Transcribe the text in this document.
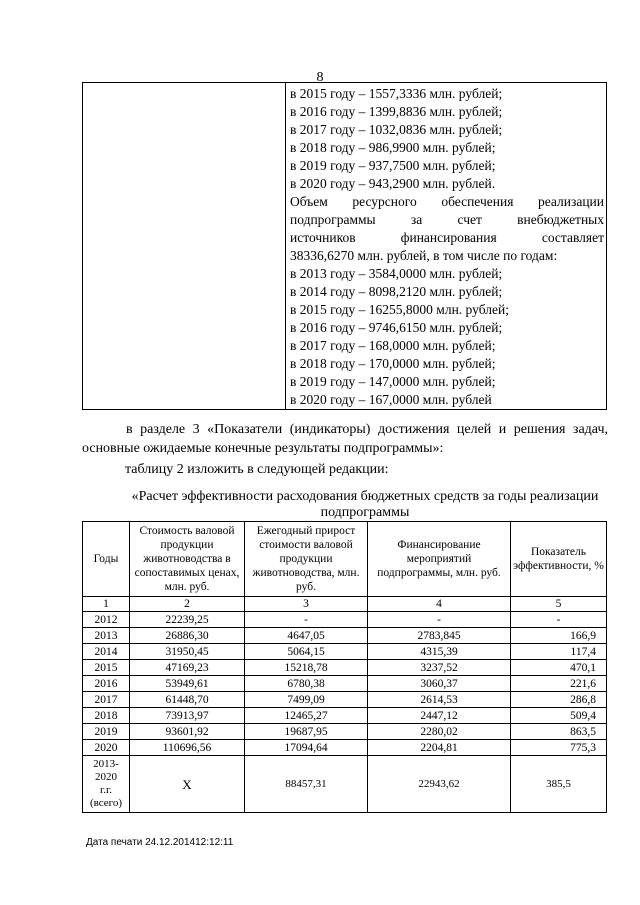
8

в 2015 году – 1557,3336 млн. рублей;
в 2016 году – 1399,8836 млн. рублей;
в 2017 году – 1032,0836 млн. рублей;
в 2018 году – 986,9900 млн. рублей;
в 2019 году – 937,7500 млн. рублей;
в 2020 году – 943,2900 млн. рублей.
Объем ресурсного обеспечения реализации
подпрограммы за счет внебюджетных
источников финансирования составляет
38336,6270 млн. рублей, в том числе по годам:
в 2013 году – 3584,0000 млн. рублей;
в 2014 году – 8098,2120 млн. рублей;
в 2015 году – 16255,8000 млн. рублей;
в 2016 году – 9746,6150 млн. рублей;
в 2017 году – 168,0000 млн. рублей;
в 2018 году – 170,0000 млн. рублей;
в 2019 году – 147,0000 млн. рублей;
в 2020 году – 167,0000 млн. рублей
в разделе 3 «Показатели (индикаторы) достижения целей и решения задач, основные ожидаемые конечные результаты подпрограммы»:
таблицу 2 изложить в следующей редакции:
«Расчет эффективности расходования бюджетных средств за годы реализации подпрограммы
Годы	Стоимость валовой продукции животноводства в сопоставимых ценах, млн. руб.	Ежегодный прирост стоимости валовой продукции животноводства, млн. руб.	Финансирование мероприятий подпрограммы, млн. руб.	Показатель эффективности, %
1	2	3	4	5
2012	22239,25	-	-	-
2013	26886,30	4647,05	2783,845	166,9
2014	31950,45	5064,15	4315,39	117,4
2015	47169,23	15218,78	3237,52	470,1
2016	53949,61	6780,38	3060,37	221,6
2017	61448,70	7499,09	2614,53	286,8
2018	73913,97	12465,27	2447,12	509,4
2019	93601,92	19687,95	2280,02	863,5
2020	110696,56	17094,64	2204,81	775,3

2013-
2020
г.г.
(всего)	X	88457,31	22943,62	385,5
Дата печати 24.12.201412:12:11
